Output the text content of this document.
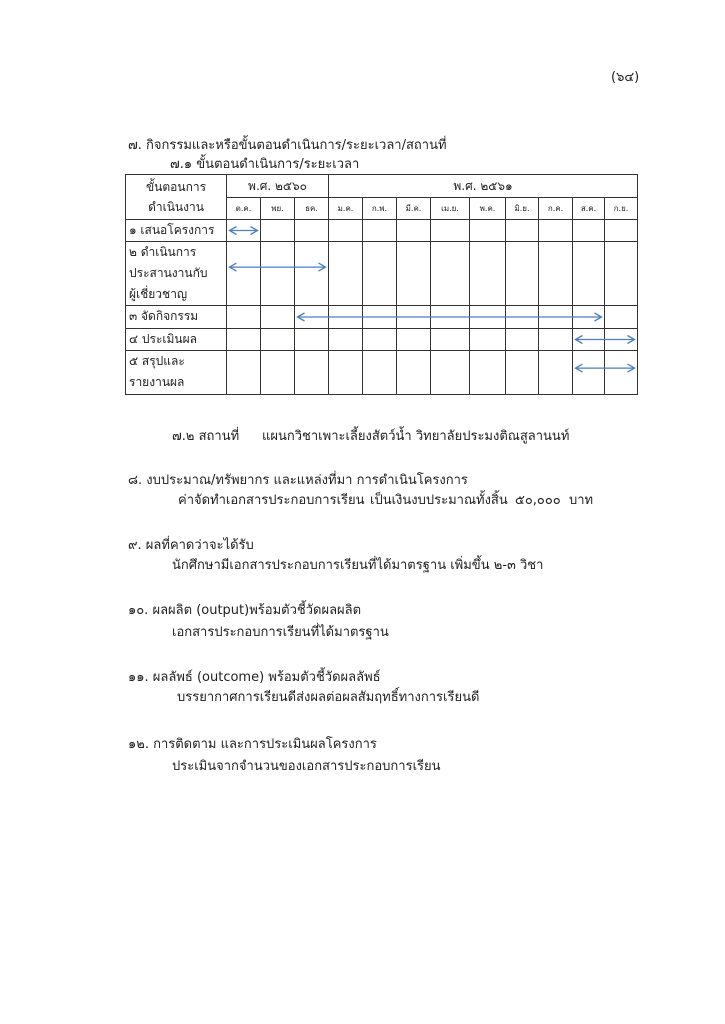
(๖๔)
๗. กิจกรรมและหรือขั้นตอนดำเนินการ/ระยะเวลา/สถานที่
๗.๑ ขั้นตอนดำเนินการ/ระยะเวลา
ขั้นตอนการ
ดำเนินงาน	พ.ศ. ๒๕๖๐			พ.ศ. ๒๕๖๑								
	ต.ค.	พย.	ธค.	ม.ค.	ก.พ.	มี.ค.	เม.ย.	พ.ค.	มิ.ย.	ก.ค.	ส.ค.	ก.ย.

๑ เสนอโครงการ												

๒ ดำเนินการ
ประสานงานกับ
ผู้เชี่ยวชาญ												

๓ จัดกิจกรรม												

๔ ประเมินผล												

๕ สรุปและ
รายงานผล												

๗.๒ สถานที่ แผนกวิชาเพาะเลี้ยงสัตว์น้ำ วิทยาลัยประมงติณสูลานนท์
๘. งบประมาณ/ทรัพยากร และแหล่งที่มา การดำเนินโครงการ
ค่าจัดทำเอกสารประกอบการเรียน เป็นเงินงบประมาณทั้งสิ้น ๕๐,๐๐๐ บาท
๙. ผลที่คาดว่าจะได้รับ
นักศึกษามีเอกสารประกอบการเรียนที่ได้มาตรฐาน เพิ่มขึ้น ๒-๓ วิชา
๑๐. ผลผลิต (output)พร้อมตัวชี้วัดผลผลิต
เอกสารประกอบการเรียนที่ได้มาตรฐาน
๑๑. ผลลัพธ์ (outcome) พร้อมตัวชี้วัดผลลัพธ์
บรรยากาศการเรียนดีส่งผลต่อผลสัมฤทธิ์ทางการเรียนดี
๑๒. การติดตาม และการประเมินผลโครงการ
ประเมินจากจำนวนของเอกสารประกอบการเรียน
